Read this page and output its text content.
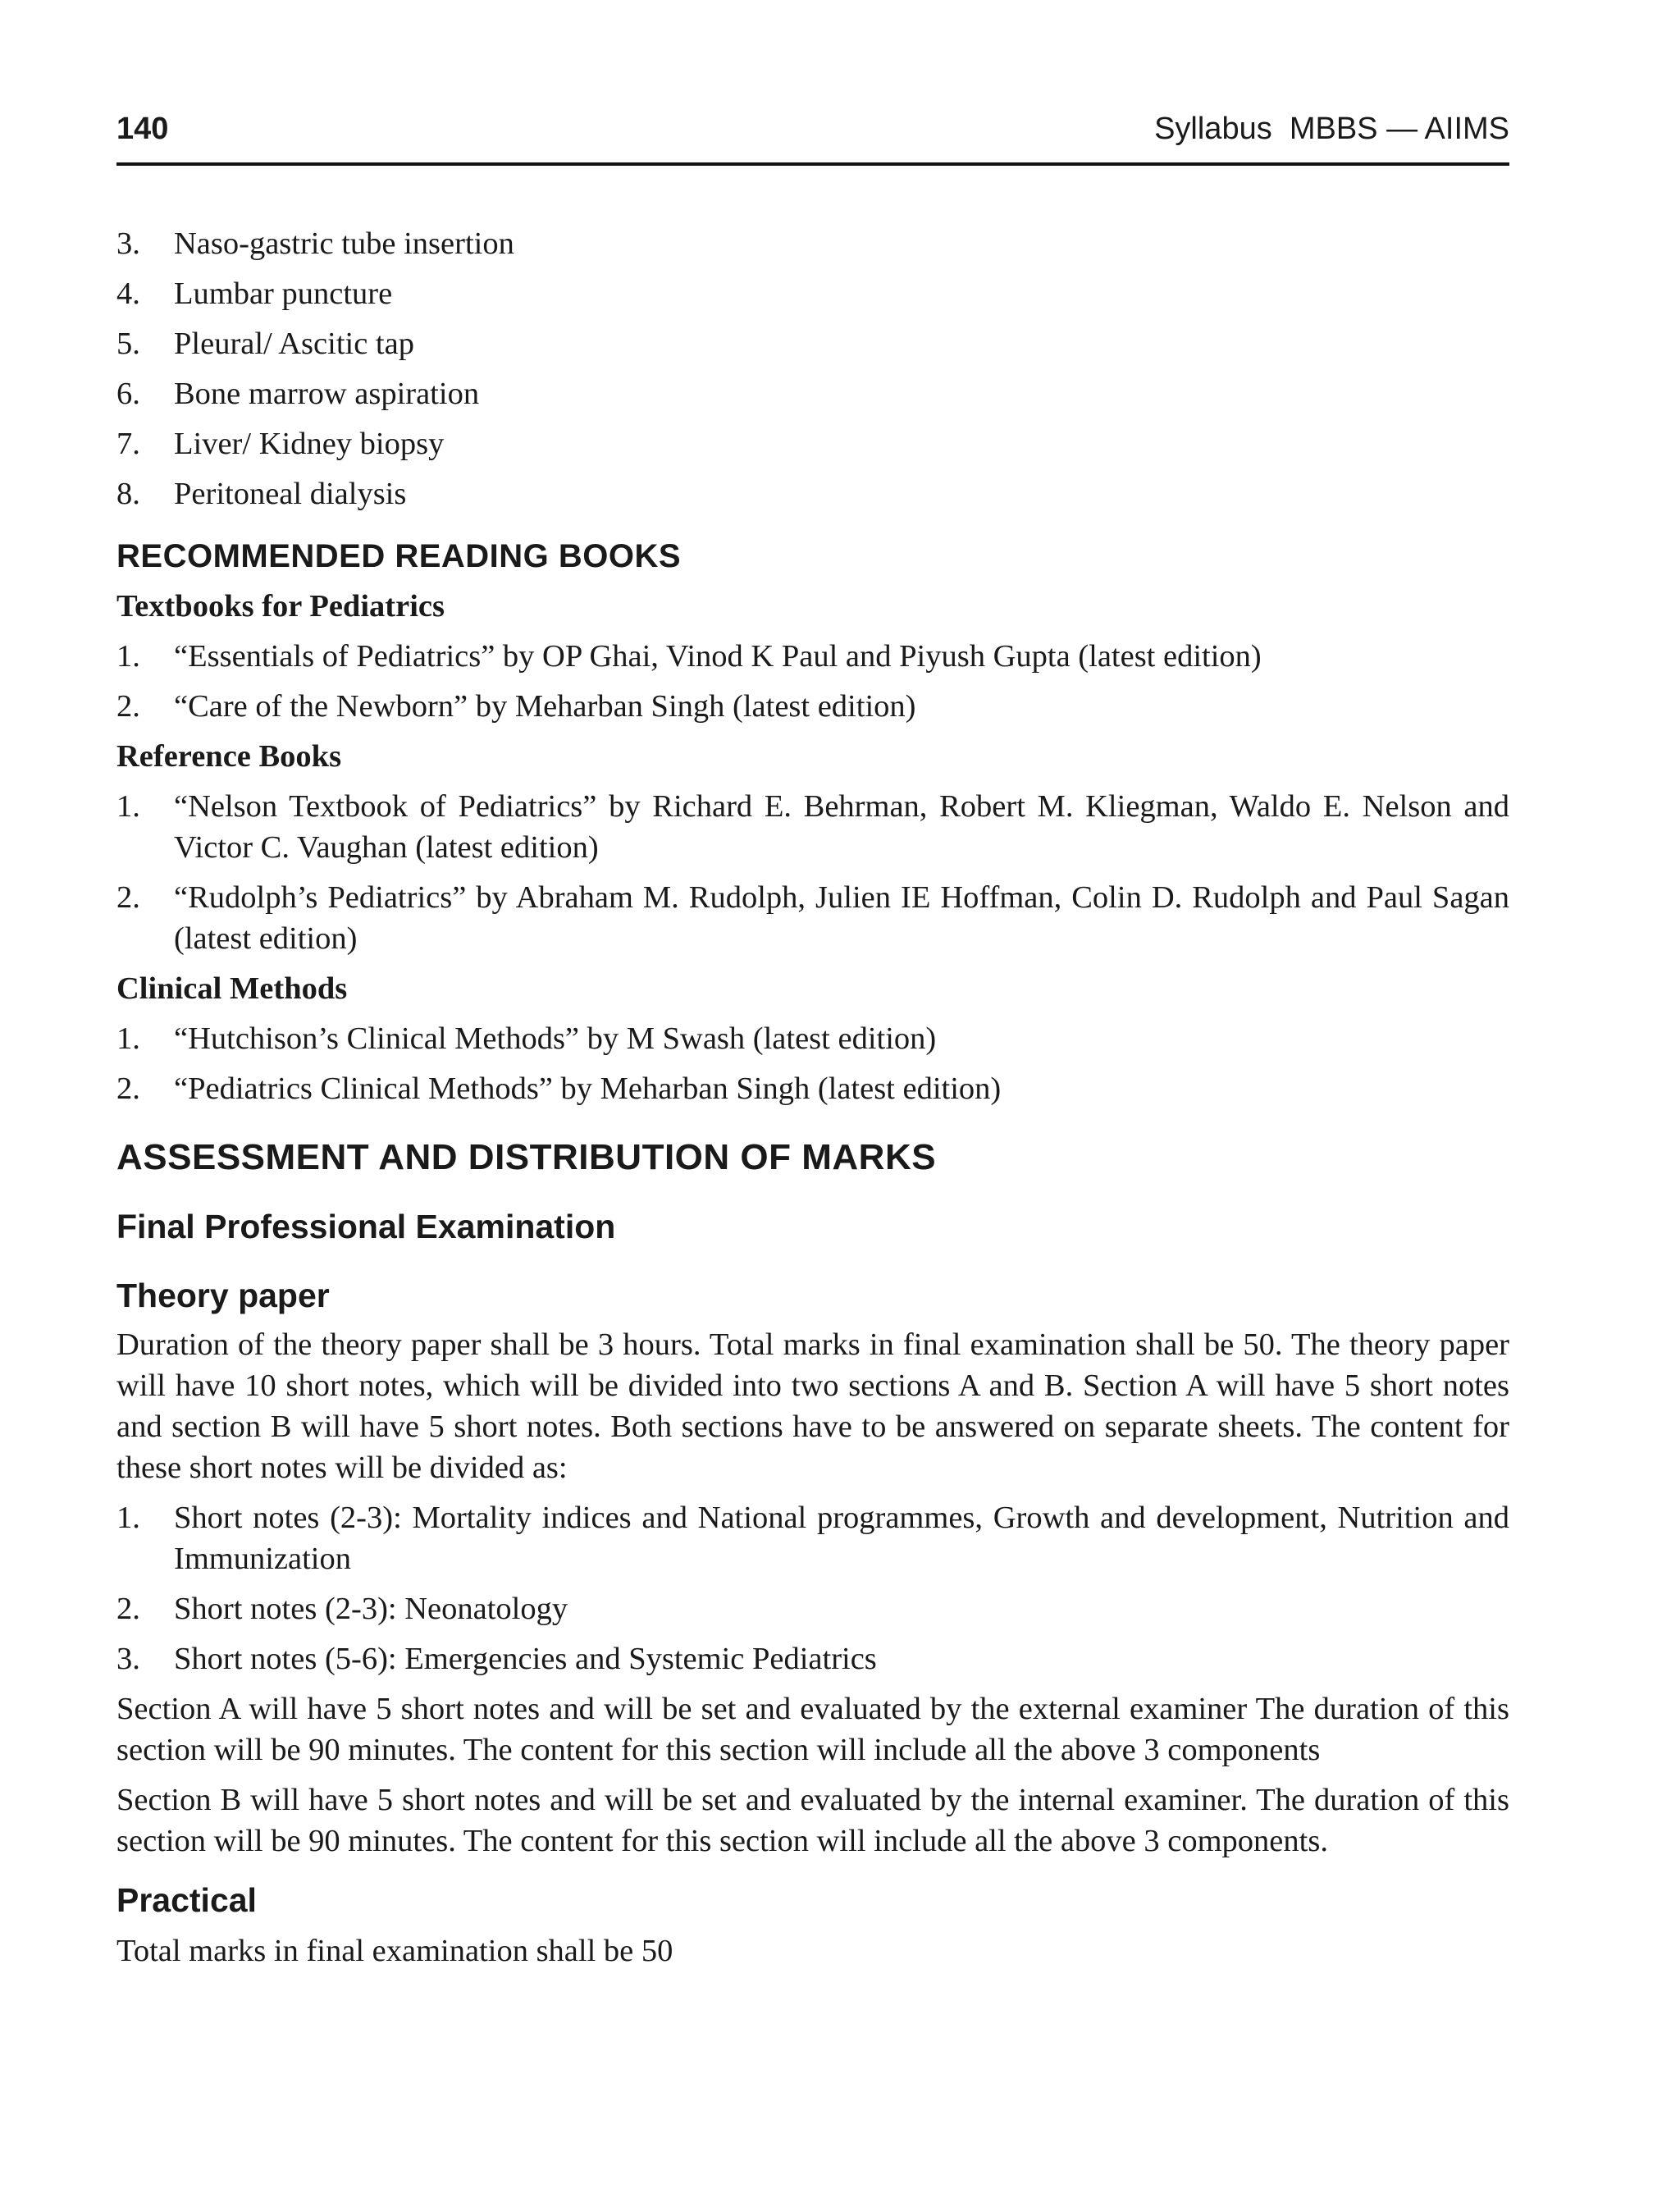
140	Syllabus  MBBS — AIIMS
3. Naso-gastric tube insertion
4. Lumbar puncture
5. Pleural/ Ascitic tap
6. Bone marrow aspiration
7. Liver/ Kidney biopsy
8. Peritoneal dialysis
RECOMMENDED READING BOOKS
Textbooks for Pediatrics
1. “Essentials of Pediatrics” by OP Ghai, Vinod K Paul and Piyush Gupta (latest edition)
2. “Care of the Newborn” by Meharban Singh (latest edition)
Reference Books
1. “Nelson Textbook of Pediatrics” by Richard E. Behrman, Robert M. Kliegman, Waldo E. Nelson and Victor C. Vaughan (latest edition)
2. “Rudolph’s Pediatrics” by Abraham M. Rudolph, Julien IE Hoffman, Colin D. Rudolph and Paul Sagan (latest edition)
Clinical Methods
1. “Hutchison’s Clinical Methods” by M Swash (latest edition)
2. “Pediatrics Clinical Methods” by Meharban Singh (latest edition)
ASSESSMENT AND DISTRIBUTION OF MARKS
Final Professional Examination
Theory paper
Duration of the theory paper shall be 3 hours. Total marks in final examination shall be 50. The theory paper will have 10 short notes, which will be divided into two sections A and B. Section A will have 5 short notes and section B will have 5 short notes. Both sections have to be answered on separate sheets. The content for these short notes will be divided as:
1. Short notes (2-3): Mortality indices and National programmes, Growth and development, Nutrition and Immunization
2. Short notes (2-3): Neonatology
3. Short notes (5-6): Emergencies and Systemic Pediatrics
Section A will have 5 short notes and will be set and evaluated by the external examiner The duration of this section will be 90 minutes. The content for this section will include all the above 3 components
Section B will have 5 short notes and will be set and evaluated by the internal examiner. The duration of this section will be 90 minutes. The content for this section will include all the above 3 components.
Practical
Total marks in final examination shall be 50
